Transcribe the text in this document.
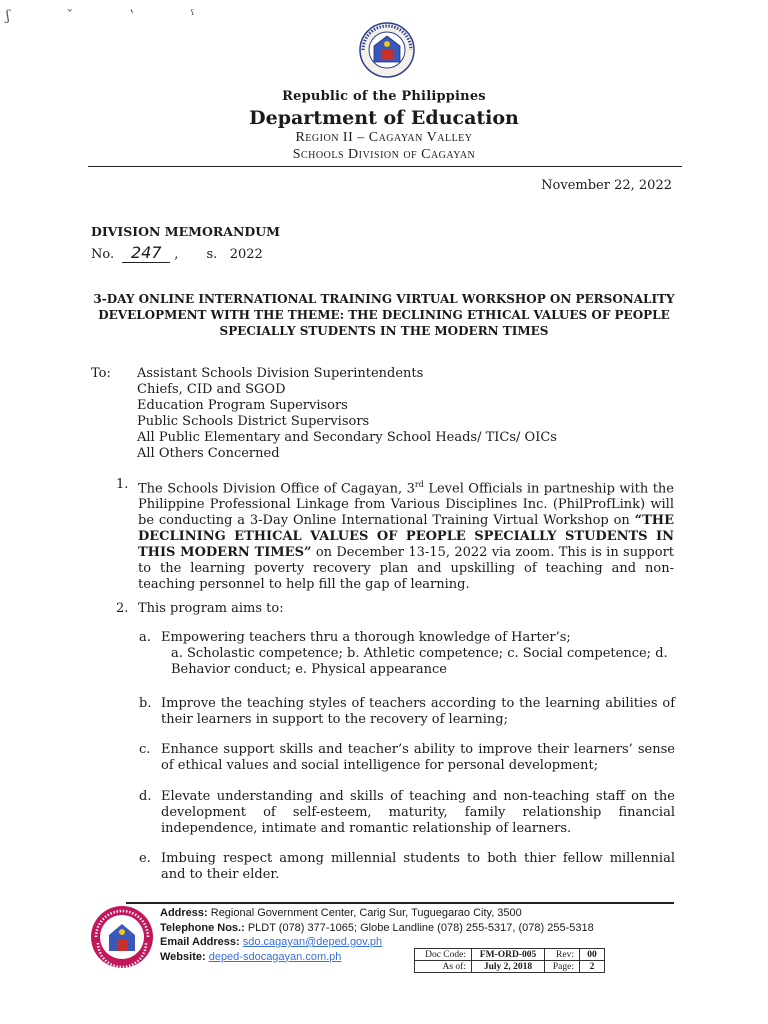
ʃ ˇ ‛ ˁ
Republic of the Philippines
Department of Education
Region II – Cagayan Valley
Schools Division of Cagayan
November 22, 2022
DIVISION MEMORANDUM
No. 247 , s. 2022
3-DAY ONLINE INTERNATIONAL TRAINING VIRTUAL WORKSHOP ON PERSONALITY DEVELOPMENT WITH THE THEME: THE DECLINING ETHICAL VALUES OF PEOPLE SPECIALLY STUDENTS IN THE MODERN TIMES
To: Assistant Schools Division Superintendents
Chiefs, CID and SGOD
Education Program Supervisors
Public Schools District Supervisors
All Public Elementary and Secondary School Heads/ TICs/ OICs
All Others Concerned
1. The Schools Division Office of Cagayan, 3rd Level Officials in partneship with the Philippine Professional Linkage from Various Disciplines Inc. (PhilProfLink) will be conducting a 3-Day Online International Training Virtual Workshop on “THE DECLINING ETHICAL VALUES OF PEOPLE SPECIALLY STUDENTS IN THIS MODERN TIMES” on December 13-15, 2022 via zoom. This is in support to the learning poverty recovery plan and upskilling of teaching and non-teaching personnel to help fill the gap of learning.
2. This program aims to:
a. Empowering teachers thru a thorough knowledge of Harter’s;
a. Scholastic competence; b. Athletic competence; c. Social competence; d. Behavior conduct; e. Physical appearance
b. Improve the teaching styles of teachers according to the learning abilities of their learners in support to the recovery of learning;
c. Enhance support skills and teacher’s ability to improve their learners’ sense of ethical values and social intelligence for personal development;
d. Elevate understanding and skills of teaching and non-teaching staff on the development of self-esteem, maturity, family relationship financial independence, intimate and romantic relationship of learners.
e. Imbuing respect among millennial students to both thier fellow millennial and to their elder.
Address: Regional Government Center, Carig Sur, Tuguegarao City, 3500
Telephone Nos.: PLDT (078) 377-1065; Globe Landline (078) 255-5317, (078) 255-5318
Email Address: sdo.cagayan@deped.gov.ph
Website: deped-sdocagayan.com.ph	Doc Code:	FM-ORD-005	Rev:	00
As of:	July 2, 2018	Page:	2
